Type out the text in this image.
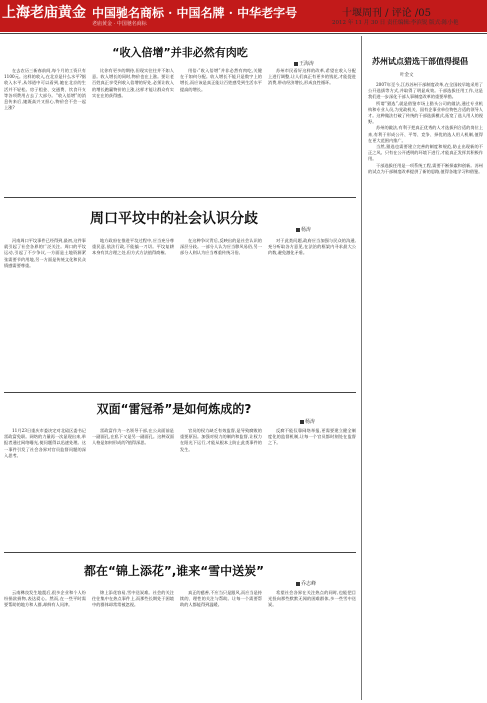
上海老庙黄金 中国驰名商标 · 中国名牌 · 中华老字号
老庙黄金 · 中国驰名商标
十堰周刊 / 评论 /05
2012 年 11 月 30 日 责任编辑:李滨锐 版式:陈小艳
“收入倍增”并非必然有肉吃
王海涛

在去农历三新春前间,每个月的工资只有1100元。这样的收入,在北京是什么水平?据收入水平,从邻道中可以看到,她在北京的生活并不轻松。房子租金、交通费、饮食开支等各项费用占去了大部分。“收入倍增”的消息传来后,她既高兴又担心,物价会不会一起上涨?

比你有更多的期待,但现实往往并不如人意。收入增长的同时,物价也在上涨。要让老百姓真正享受到收入倍增的好处,必须让收入的增长跑赢物价的上涨,这样才能让群众有实实在在的获得感。

用倍:“收入倍增”并非必然有肉吃,关键在于如何分配。收入增长不能只是数字上的增长,而应该是真正能让百姓感受到生活水平提高的增长。

苏州市民看好这样的改革,希望在收入分配上进行调整,让人们真正有更多的钱花,才能促进消费,带动经济增长,形成良性循环。

周口平坟中的社会认识分歧
杨涛

河南周口平坟事件已经得到,最初,这件事就引起了社会各界的广泛关注。周口的平坟运动,引起了不少争议,一方面是土地资源紧张需要节约用地,另一方面是传统文化和民众情感需要尊重。

地方政府在推进平坟过程中,应当充分尊重民意,依法行政,不能搞一刀切。平坟复耕本身有其合理之处,但方式方法值得商榷。

在这种争议背后,反映出的是社会认识的深层分歧。一部分人认为应当移风易俗,另一部分人则认为应当尊重传统习俗。

对于此类问题,政府应当加强与民众的沟通,充分听取各方意见,在法治的框架内寻求最大公约数,避免激化矛盾。

双面“雷冠希”是如何炼成的?
杨涛

11月23日重庆市委决定对北碚区委书记雷政富免职。网络的力量再一次显现出来,举报者通过网络曝光,使问题得以迅速处理。这一事件引发了社会各界对官员监督问题的深入思考。

雷政富作为一名领导干部,在公众面前是一副面孔,在私下又是另一副面孔。这种双面人格是如何形成的?值得深思。

官员的权力缺乏有效监督,是导致腐败的重要原因。加强对权力的制约和监督,让权力在阳光下运行,才能从根本上防止此类事件的发生。

反腐不能仅靠网络举报,更需要建立健全制度化的监督机制,让每一个官员都时刻处在监督之下。

都在“锦上添花”,谁来“雪中送炭”
乔志峰

云南彝良发生地震后,很多企业和个人纷纷捐款捐物,表达爱心。然而,在一些平时需要帮助的地方和人群,却鲜有人问津。

锦上添花容易,雪中送炭难。社会的关注往往集中在热点事件上,而那些长期处于困境中的群体却常常被忽视。

真正的慈善,不应当只是跟风,而应当是持续的、理性的关注与帮助。让每一个需要帮助的人都能得到温暖。

希望社会各界在关注热点的同时,也能把目光投向那些默默无闻的困难群体,多一些雪中送炭。

苏州试点猎选干部值得提倡
叶金文

2007年至今,江苏苏州干部制度改革,在全国较早地采用了公开选拔等方式,并取得了明显成效。干部选拔任用工作,这是我们进一步深化干部人事制度改革的重要举措。

所谓“猎选”,就是借鉴市场上猎头公司的做法,通过专业机构和专业人员,为党政机关、国有企事业单位物色合适的领导人才。这种做法打破了传统的干部选拔模式,拓宽了选人用人的视野。

苏州的做法,有利于把真正优秀的人才选拔到合适的岗位上来,有利于形成公开、平等、竞争、择优的选人用人机制,值得在更大范围内推广。

当然,猎选也需要建立完善的制度和规范,防止出现新的不正之风。只有在公开透明的环境下进行,才能真正发挥其积极作用。

干部选拔任用是一项系统工程,需要不断探索和创新。苏州的试点为干部制度改革提供了新的思路,值得各地学习和借鉴。
